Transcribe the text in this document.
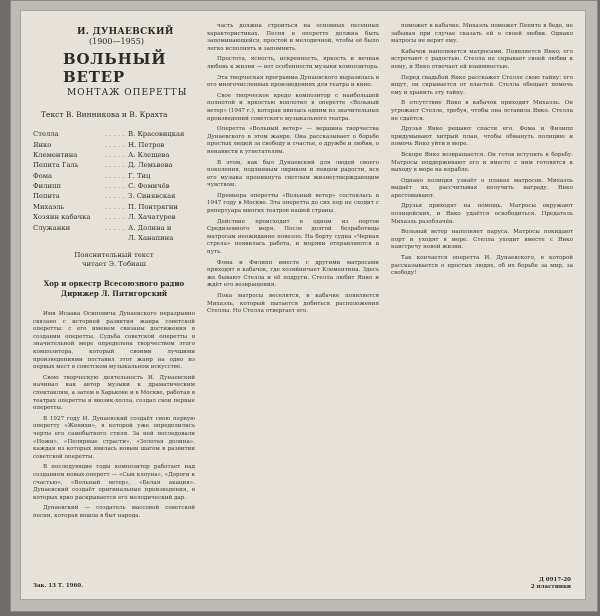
И. ДУНАЕВСКИЙ
(1900—1955)
ВОЛЬНЫЙ ВЕТЕР
МОНТАЖ ОПЕРЕТТЫ
Текст В. Винникова и В. Крахта
Стелла	. . . . .	В. Красовицкая
Янко	. . . . .	Н. Петров
Клементина	. . . . .	А. Клещева
Пепита Галь	. . . . .	Д. Лемьвова
Фома	. . . . .	Г. Тиц
Филипп	. . . . .	С. Фомичёв
Пепита	. . . . .	З. Синявская
Михаэль	. . . . .	П. Понтрягин
Хозяин кабачка	. . . . .	Л. Хачатуров
Служанки	. . . . .	А. Долина и
		Л. Ханапина
Пояснительный текст
читает Э. Тобиаш
Хор и оркестр Всесоюзного радио
Дирижер Л. Пятигорский

Имя Исаака Осиповича Дунаевского неразрывно связано с историей развития жанра советской оперетты: с его именем связаны достижения в создании оперетты. Судьба советской оперетты в значительной мере определена творчеством этого композитора, который своими лучшими произведениями поставил этот жанр на одно из первых мест в советском музыкальном искусстве.

Свою творческую деятельность И. Дунаевский начинал как автор музыки к драматическим спектаклям, а затем в Харькове и в Москве, работая в театрах оперетты и мюзик-холла, создал свои первые оперетты.

В 1927 году И. Дунаевский создаёт свою первую оперетту «Женихи», в которой уже определились черты его самобытного стиля. За ней последовали «Ножи», «Полярные страсти», «Золотая долина», каждая из которых явилась новым шагом в развитии советской оперетты.

В последующие годы композитор работает над созданием новых оперетт — «Сын клоуна», «Дороги к счастью», «Вольный ветер», «Белая акация». Дунаевский создаёт оригинальные произведения, в которых ярко раскрывается его мелодический дар.

Дунаевский — создатель массовой советской песни, которая вошла в быт народа.

часть должна строиться на основных песенных характеристиках. Песня в оперетте должна быть запоминающейся, простой и мелодичной, чтобы её было легко исполнять и запомнить.

Простота, ясность, искренность, яркость и вечная любовь к жизни — вот особенности музыки композитора.

Эта творческая программа Дунаевского выразилась в его многочисленных произведениях для театра и кино.

Свое творческое кредо композитор с наибольшей полнотой и яркостью воплотил в оперетте «Вольный ветер» (1947 г.), которая явилась одним из значительных произведений советского музыкального театра.

Оперетта «Вольный ветер» — вершина творчества Дунаевского в этом жанре. Она рассказывает о борьбе простых людей за свободу и счастье, о дружбе и любви, о ненависти к угнетателям.

В этом, как был Дунаевский для людей своего поколения, подлинным лириком и певцом радости, вся его музыка проникнута светлым жизнеутверждающим чувством.

Премьера оперетты «Вольный ветер» состоялась в 1947 году в Москве. Эта оперетта до сих пор не сходит с репертуара многих театров нашей страны.

Действие происходит в одном из портов Средиземного моря. После долгой безработицы матросам неожиданно повезло. На борту судна «Черная стрела» появилась работа, и моряки отправляются в путь.

Фома и Филипп вместе с другими матросами приходят в кабачок, где хозяйничает Клементина. Здесь же бывают Стелла и её подруги. Стелла любит Янко и ждёт его возвращения.

Пока матросы веселятся, в кабачке появляется Михаэль, который пытается добиться расположения Стеллы. Но Стелла отвергает его.

поможет в кабачке. Михаэль поможет Пепите в беде, не забывая при случае сказать ей о своей любви. Однако матросы не верят ему.

Кабачок наполняется матросами. Появляется Янко; его встречают с радостью. Стелла не скрывает своей любви к нему, и Янко отвечает ей взаимностью.

Перед свадьбой Янко расскажет Стелле свою тайну: его ищут, он скрывается от властей. Стелла обещает помочь ему и хранить эту тайну.

В отсутствие Янко в кабачок приходит Михаэль. Он угрожает Стелле, требуя, чтобы она оставила Янко. Стелла не сдаётся.

Друзья Янко решают спасти его. Фома и Филипп придумывают хитрый план, чтобы обмануть полицию и помочь Янко уйти в море.

Вскоре Янко возвращается. Он готов вступить в борьбу. Матросы поддерживают его и вместе с ним готовятся к выходу в море на корабле.

Однако полиция узнаёт о планах матросов. Михаэль выдаёт их, рассчитывая получить награду. Янко арестовывают.

Друзья приходят на помощь. Матросы окружают полицейских, и Янко удаётся освободиться. Предатель Михаэль разоблачён.

Вольный ветер наполняет паруса. Матросы покидают порт и уходят в море. Стелла уходит вместе с Янко навстречу новой жизни.

Так кончается оперетта И. Дунаевского, в которой рассказывается о простых людях, об их борьбе за мир, за свободу!

Зак. 13 Т. 1960.
Д 0917-20
2 пластинки
